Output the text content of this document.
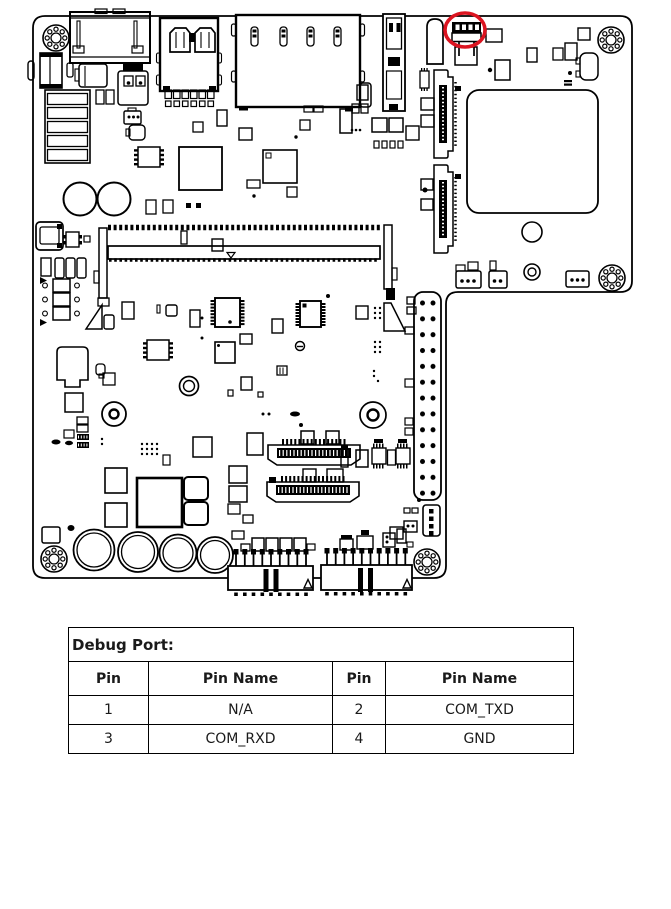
Debug Port:			
Pin	Pin Name	Pin	Pin Name
1	N/A	2	COM_TXD
3	COM_RXD	4	GND
